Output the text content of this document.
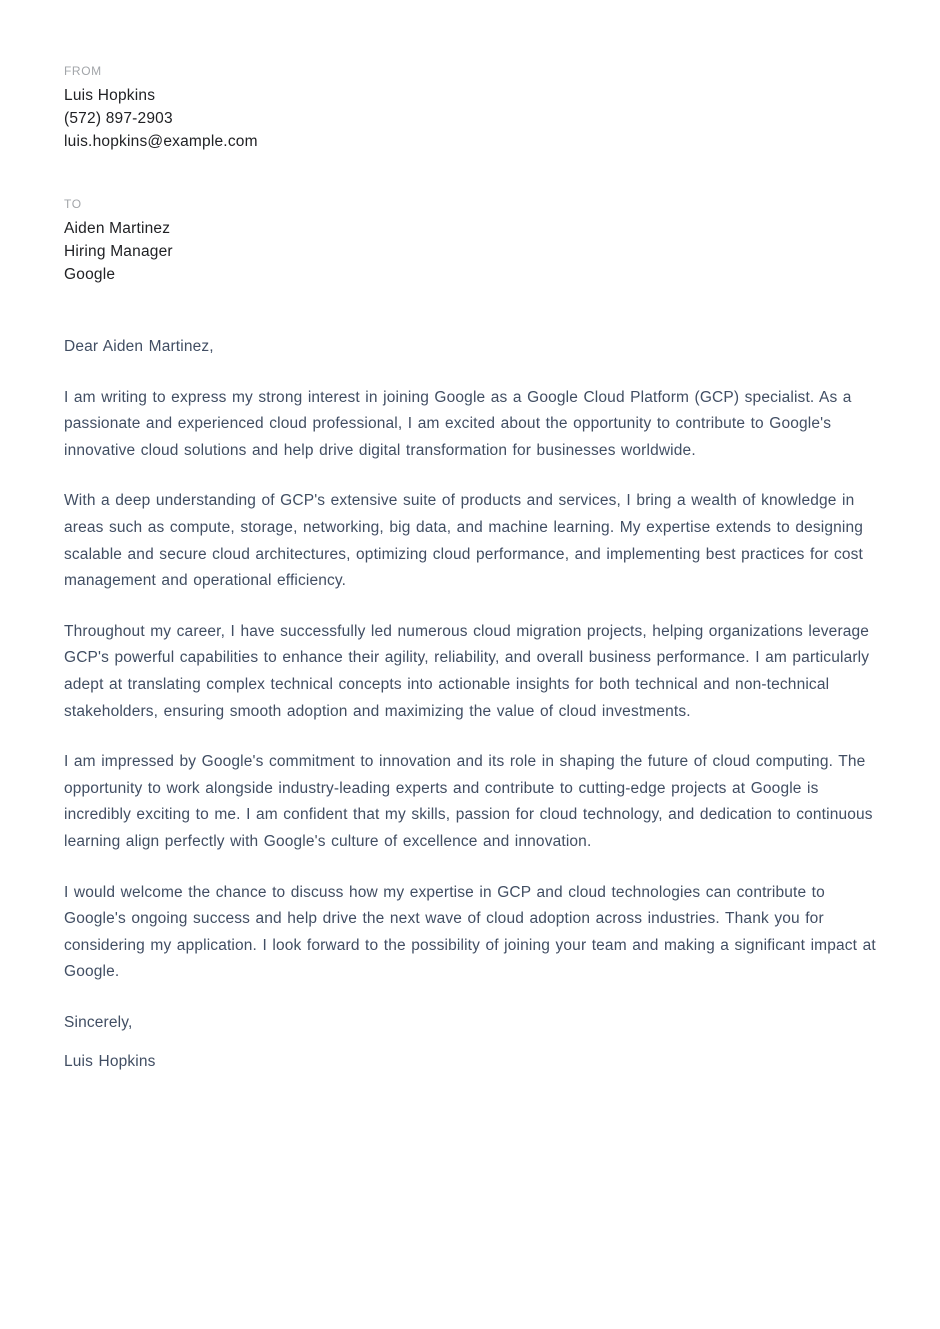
FROM
Luis Hopkins
(572) 897-2903
luis.hopkins@example.com
TO
Aiden Martinez
Hiring Manager
Google

Dear Aiden Martinez,

I am writing to express my strong interest in joining Google as a Google Cloud Platform (GCP) specialist. As a passionate and experienced cloud professional, I am excited about the opportunity to contribute to Google's innovative cloud solutions and help drive digital transformation for businesses worldwide.

With a deep understanding of GCP's extensive suite of products and services, I bring a wealth of knowledge in areas such as compute, storage, networking, big data, and machine learning. My expertise extends to designing scalable and secure cloud architectures, optimizing cloud performance, and implementing best practices for cost management and operational efficiency.

Throughout my career, I have successfully led numerous cloud migration projects, helping organizations leverage GCP's powerful capabilities to enhance their agility, reliability, and overall business performance. I am particularly adept at translating complex technical concepts into actionable insights for both technical and non-technical stakeholders, ensuring smooth adoption and maximizing the value of cloud investments.

I am impressed by Google's commitment to innovation and its role in shaping the future of cloud computing. The opportunity to work alongside industry-leading experts and contribute to cutting-edge projects at Google is incredibly exciting to me. I am confident that my skills, passion for cloud technology, and dedication to continuous learning align perfectly with Google's culture of excellence and innovation.

I would welcome the chance to discuss how my expertise in GCP and cloud technologies can contribute to Google's ongoing success and help drive the next wave of cloud adoption across industries. Thank you for considering my application. I look forward to the possibility of joining your team and making a significant impact at Google.

Sincerely,

Luis Hopkins
